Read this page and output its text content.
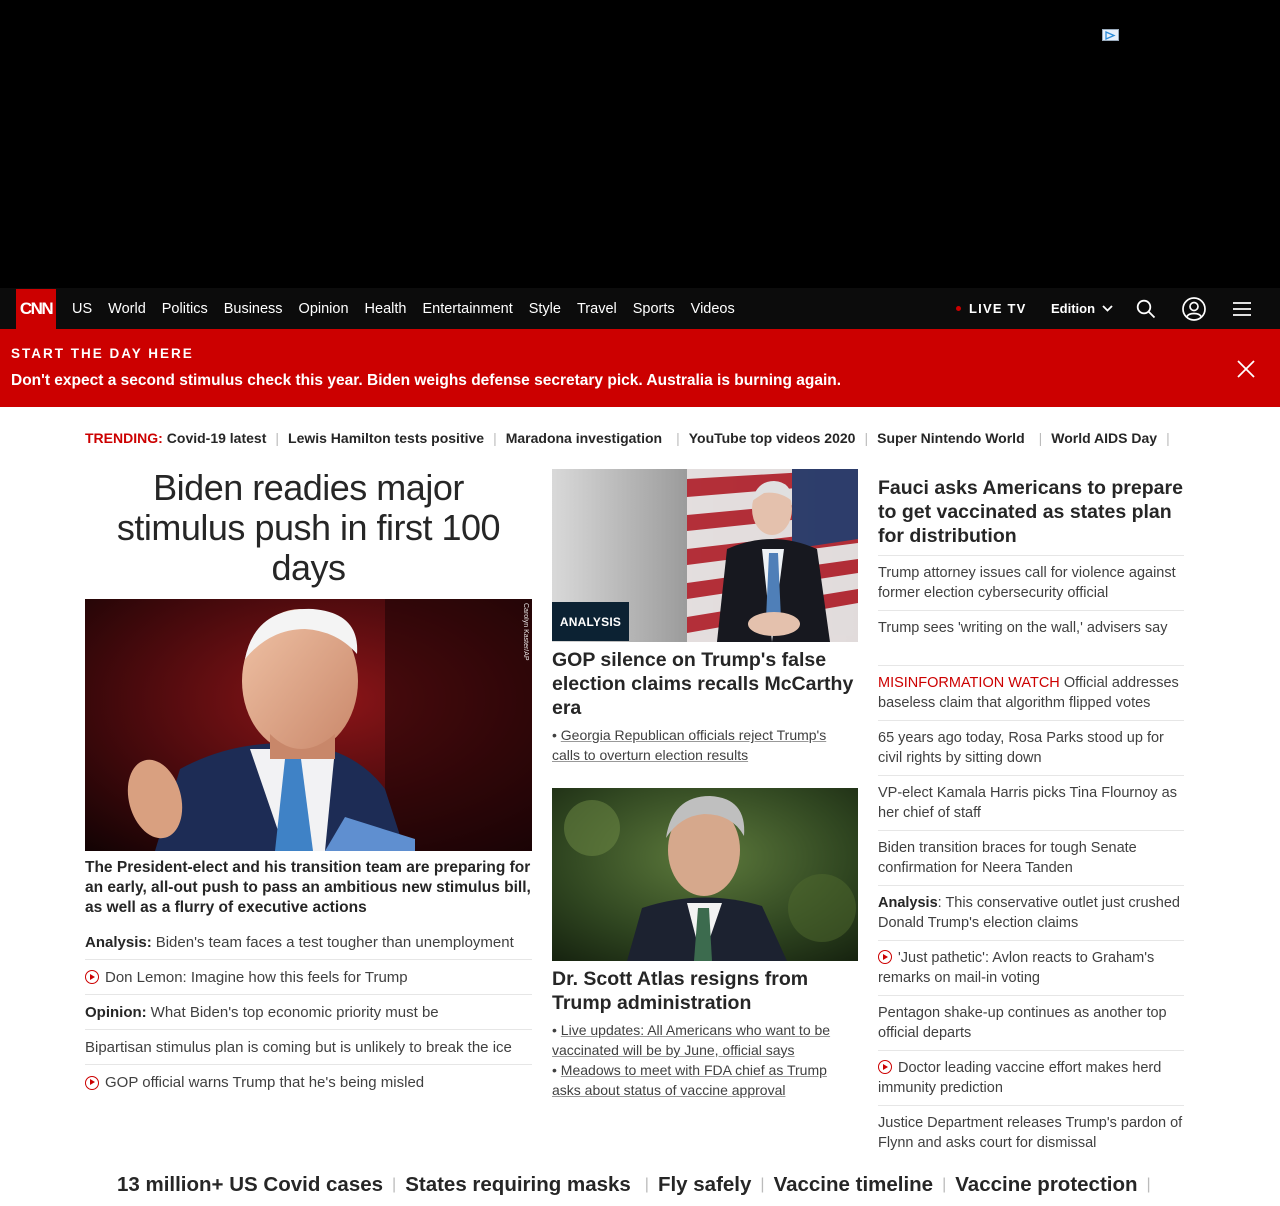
CNN US World Politics Business Opinion Health Entertainment Style Travel Sports Videos	LIVE TV Edition
START THE DAY HERE
Don't expect a second stimulus check this year. Biden weighs defense secretary pick. Australia is burning again.
TRENDING: Covid-19 latest | Lewis Hamilton tests positive | Maradona investigation | YouTube top videos 2020 | Super Nintendo World | World AIDS Day |
Biden readies major stimulus push in first 100 days
Carolyn Kaster/AP
The President-elect and his transition team are preparing for an early, all-out push to pass an ambitious new stimulus bill, as well as a flurry of executive actions
Analysis: Biden's team faces a test tougher than unemployment
Don Lemon: Imagine how this feels for Trump
Opinion: What Biden's top economic priority must be
Bipartisan stimulus plan is coming but is unlikely to break the ice
GOP official warns Trump that he's being misled
ANALYSIS
GOP silence on Trump's false election claims recalls McCarthy era
• Georgia Republican officials reject Trump's calls to overturn election results
Dr. Scott Atlas resigns from Trump administration
• Live updates: All Americans who want to be vaccinated will be by June, official says
• Meadows to meet with FDA chief as Trump asks about status of vaccine approval
Fauci asks Americans to prepare to get vaccinated as states plan for distribution
Trump attorney issues call for violence against former election cybersecurity official
Trump sees 'writing on the wall,' advisers say
MISINFORMATION WATCH Official addresses baseless claim that algorithm flipped votes
65 years ago today, Rosa Parks stood up for civil rights by sitting down
VP-elect Kamala Harris picks Tina Flournoy as her chief of staff
Biden transition braces for tough Senate confirmation for Neera Tanden
Analysis: This conservative outlet just crushed Donald Trump's election claims
'Just pathetic': Avlon reacts to Graham's remarks on mail-in voting
Pentagon shake-up continues as another top official departs
Doctor leading vaccine effort makes herd immunity prediction
Justice Department releases Trump's pardon of Flynn and asks court for dismissal
13 million+ US Covid cases | States requiring masks | Fly safely | Vaccine timeline | Vaccine protection |
